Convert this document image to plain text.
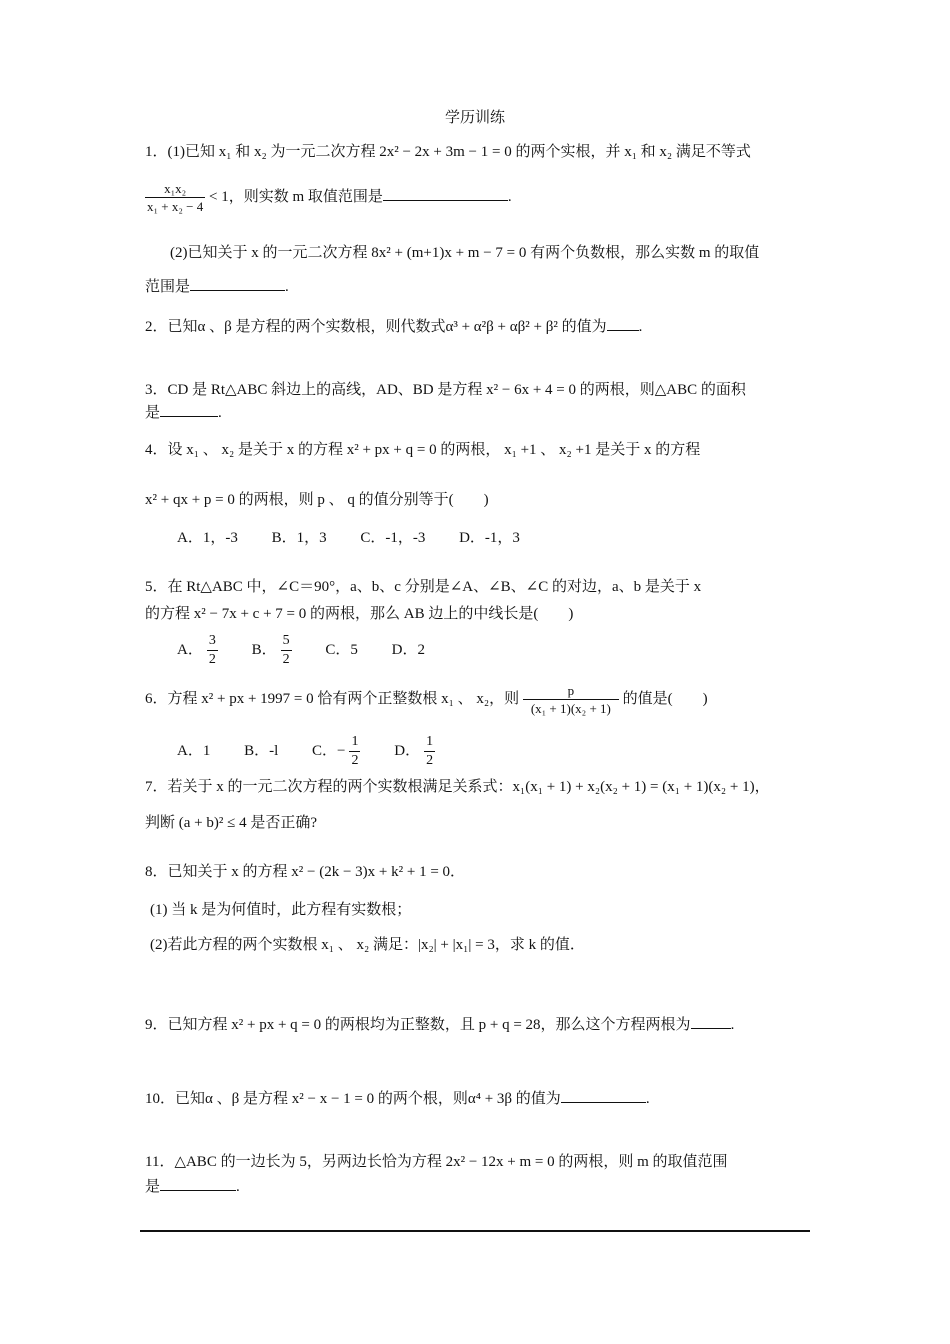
学历训练
1．(1)已知 x₁ 和 x₂ 为一元二次方程 2x² − 2x + 3m − 1 = 0 的两个实根，并 x₁ 和 x₂ 满足不等式
$\frac{\text{x₁x₂}}{\text{x₁ + x₂ − 4}} < 1$，则实数 m 取值范围是	.
(2)已知关于 x 的一元二次方程 8x² + (m+1)x + m − 7 = 0 有两个负数根，那么实数 m 的取值
范围是	.
2．已知α 、β 是方程的两个实数根，则代数式α³ + α²β + αβ² + β² 的值为 .
3．CD 是 Rt△ABC 斜边上的高线，AD、BD 是方程 x² − 6x + 4 = 0 的两根，则△ABC 的面积
是	.
4．设 x₁ 、 x₂ 是关于 x 的方程 x² + px + q = 0 的两根， x₁ +1 、 x₂ +1 是关于 x 的方程
x² + qx + p = 0 的两根，则 p 、 q 的值分别等于(　　)
A．1，-3 B．1，3 C．-1，-3 D．-1，3
5．在 Rt△ABC 中，∠C＝90°，a、b、c 分别是∠A、∠B、∠C 的对边，a、b 是关于 x
的方程 x² − 7x + c + 7 = 0 的两根，那么 AB 边上的中线长是(　　)
A． $\frac{3}{2}$ B． $\frac{5}{2}$ C．5 D．2
6．方程 x² + px + 1997 = 0 恰有两个正整数根 x₁ 、 x₂，则 $\frac{p}{\text{(x₁ + 1)(x₂ + 1)}}$ 的值是(　　)
A．1 B．-l C．− $\frac{1}{2}$ D． $\frac{1}{2}$
7．若关于 x 的一元二次方程的两个实数根满足关系式：x₁(x₁ + 1) + x₂(x₂ + 1) = (x₁ + 1)(x₂ + 1)，
判断 (a + b)² ≤ 4 是否正确?
8．已知关于 x 的方程 x² − (2k − 3)x + k² + 1 = 0．
(1) 当 k 是为何值时，此方程有实数根；
(2)若此方程的两个实数根 x₁ 、 x₂ 满足：|x₂| + |x₁| = 3，求 k 的值．
9．已知方程 x² + px + q = 0 的两根均为正整数，且 p + q = 28，那么这个方程两根为	.
10．已知α 、β 是方程 x² − x − 1 = 0 的两个根，则α⁴ + 3β 的值为	.
11．△ABC 的一边长为 5，另两边长恰为方程 2x² − 12x + m = 0 的两根，则 m 的取值范围
是	.
